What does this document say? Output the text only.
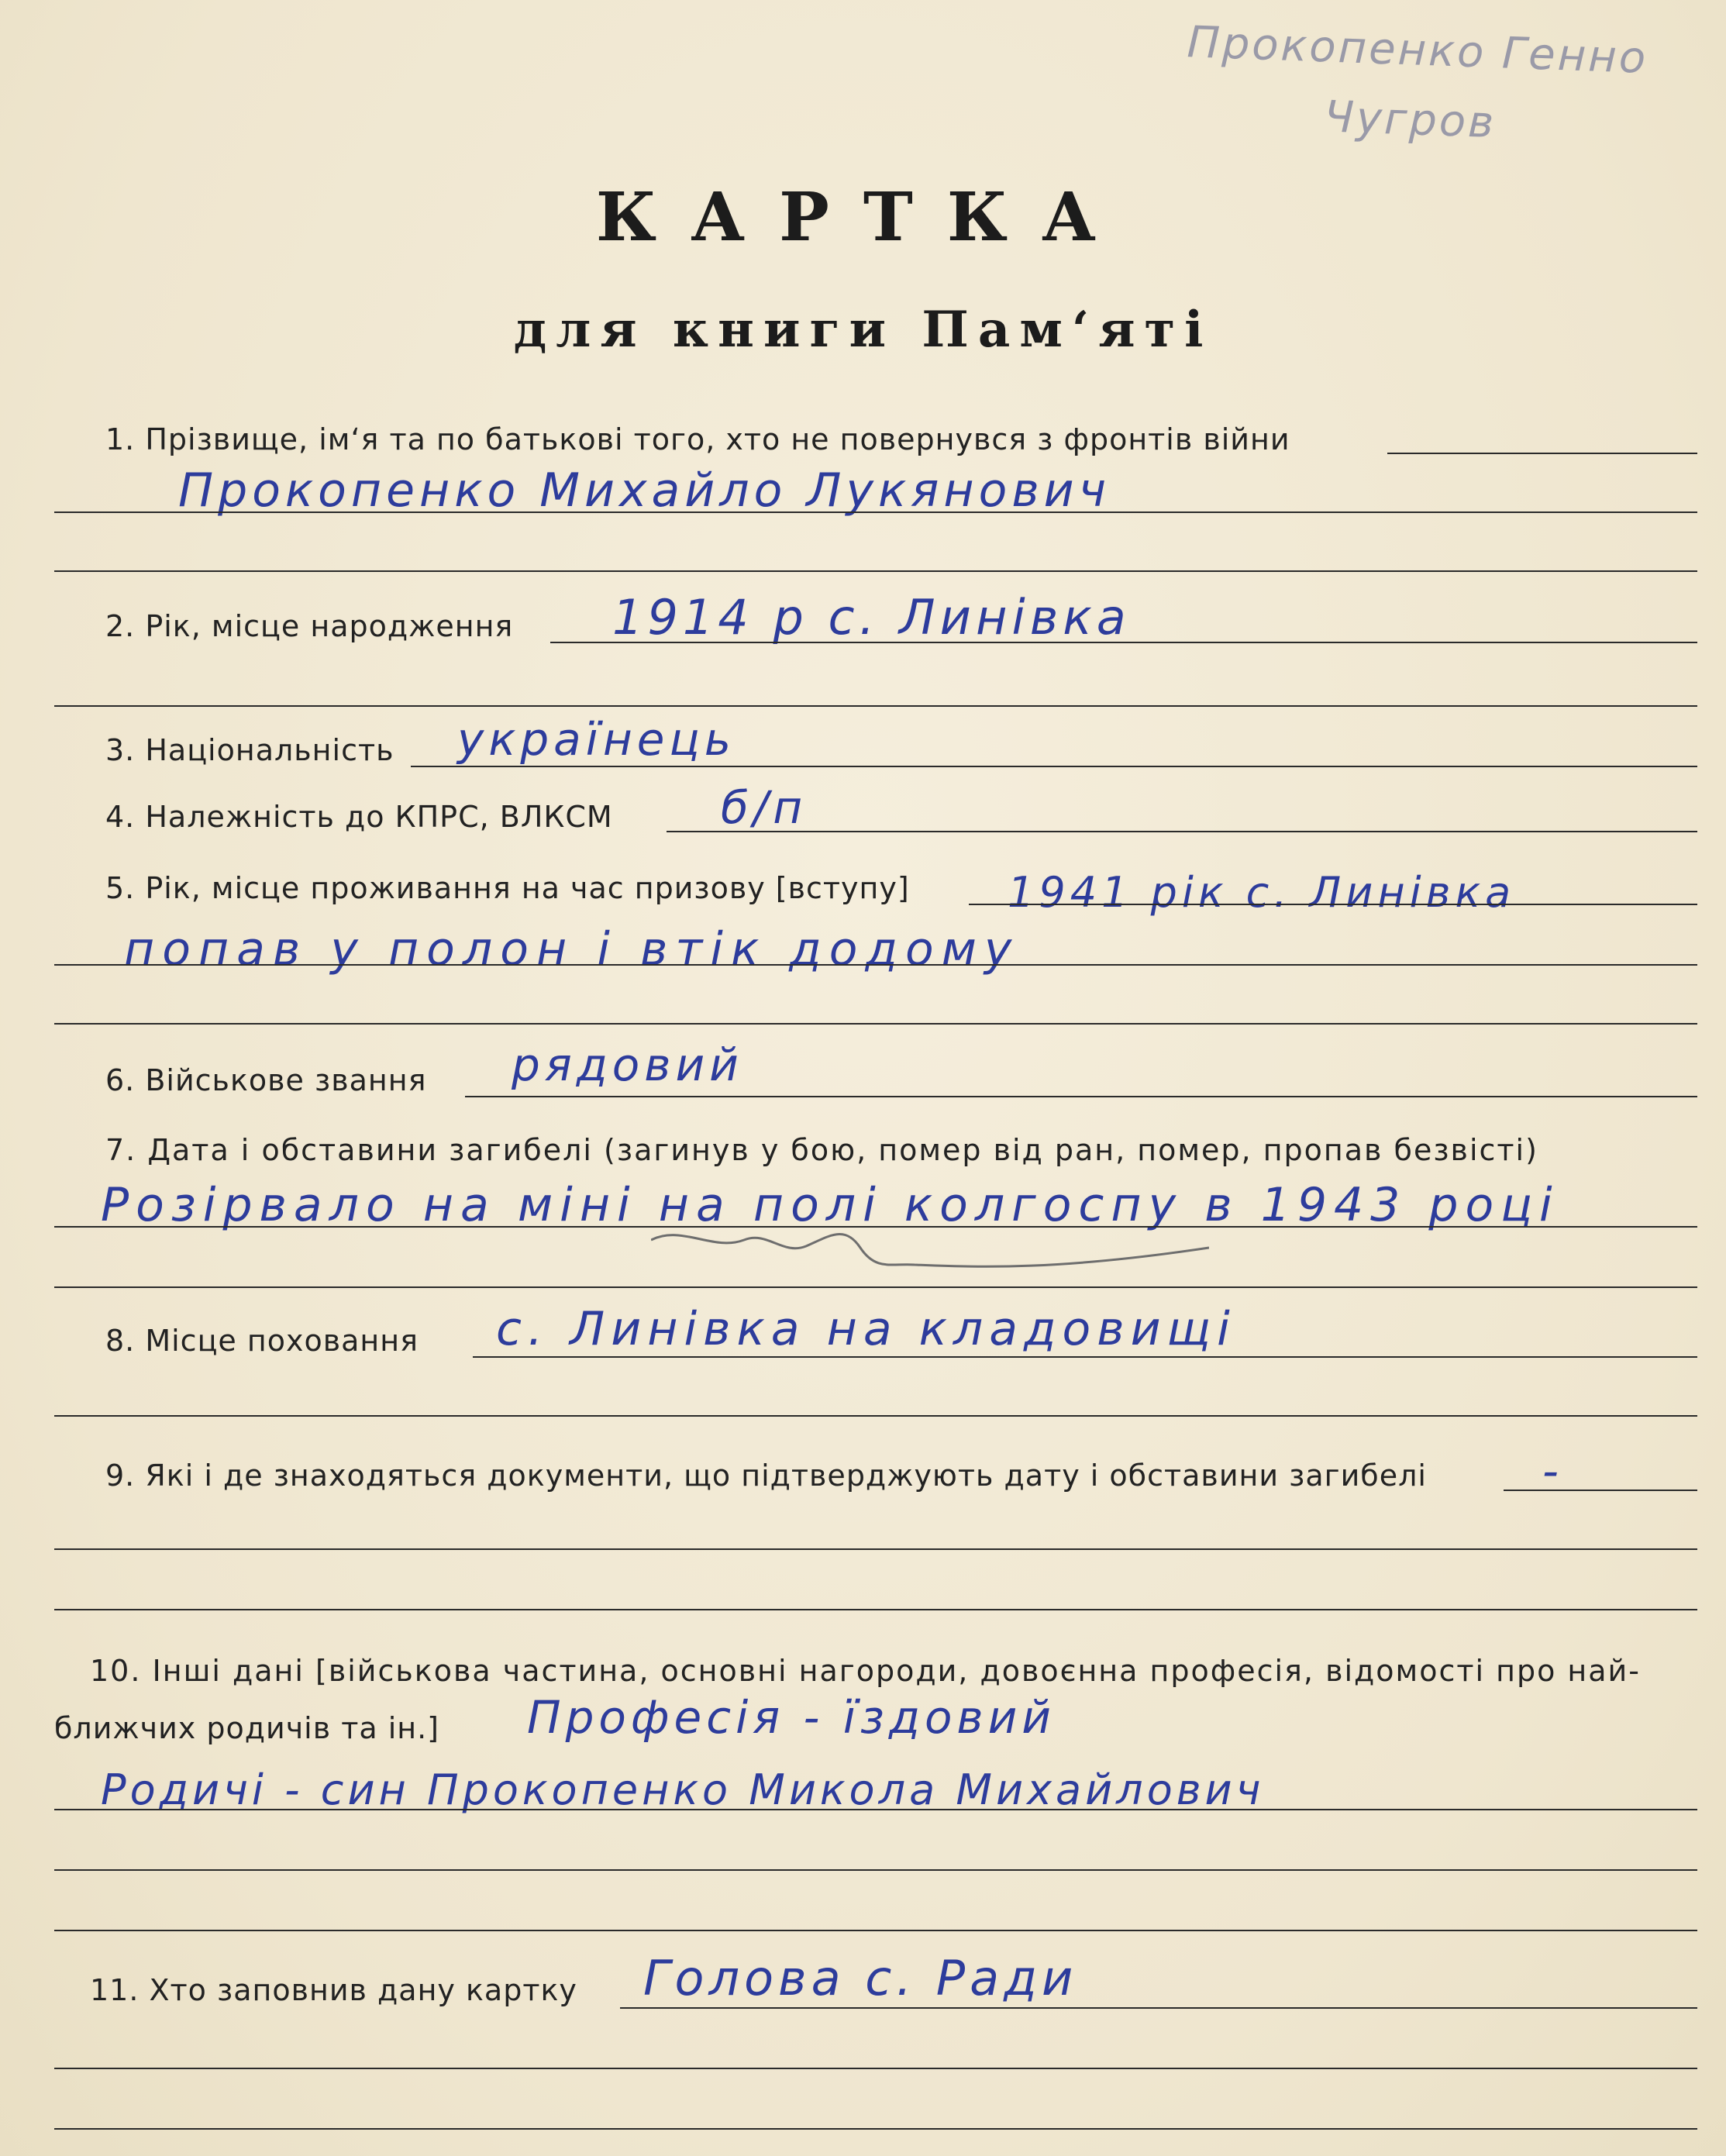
Прокопенко Генно
Чугров
КАРТКА
для книги Пам‘яті
1. Прізвище, ім‘я та по батькові того, хто не повернувся з фронтів війни
Прокопенко Михайло Лукянович
2. Рік, місце народження 1914 р с. Линівка
3. Національність українець
4. Належність до КПРС, ВЛКСМ б/п
5. Рік, місце проживання на час призову [вступу] 1941 рік с. Линівка
попав у полон і втік додому
6. Військове звання рядовий
7. Дата і обставини загибелі (загинув у бою, помер від ран, помер, пропав безвісті)
Розірвало на міні на полі колгоспу в 1943 році
8. Місце поховання с. Линівка на кладовищі
9. Які і де знаходяться документи, що підтверджують дату і обставини загибелі	-
10. Інші дані [військова частина, основні нагороди, довоєнна професія, відомості про най-
ближчих родичів та ін.] Професія - їздовий
Родичі - син Прокопенко Микола Михайлович
11. Хто заповнив дану картку Голова с. Ради
